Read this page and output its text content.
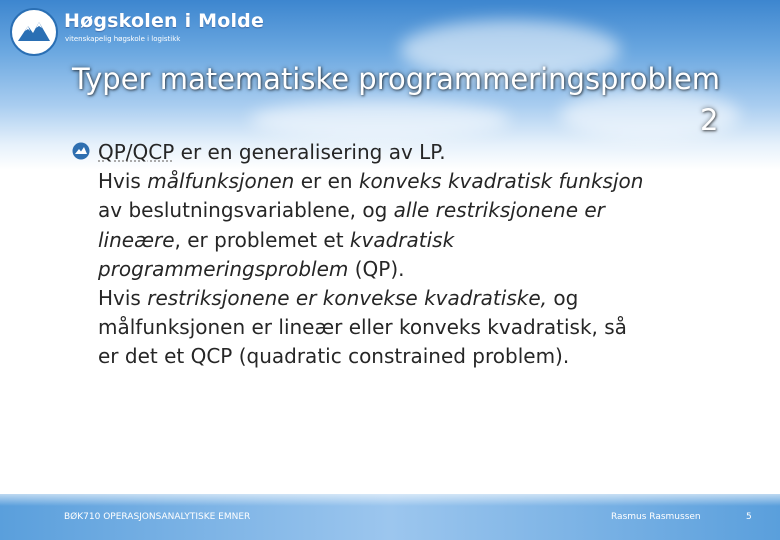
Høgskolen i Molde
vitenskapelig høgskole i logistikk
Typer matematiske programmeringsproblem
2
QP/QCP er en generalisering av LP.
Hvis målfunksjonen er en konveks kvadratisk funksjon
av beslutningsvariablene, og alle restriksjonene er
lineære, er problemet et kvadratisk
programmeringsproblem (QP).
Hvis restriksjonene er konvekse kvadratiske, og
målfunksjonen er lineær eller konveks kvadratisk, så
er det et QCP (quadratic constrained problem).
BØK710 OPERASJONSANALYTISKE EMNER	Rasmus Rasmussen	5
